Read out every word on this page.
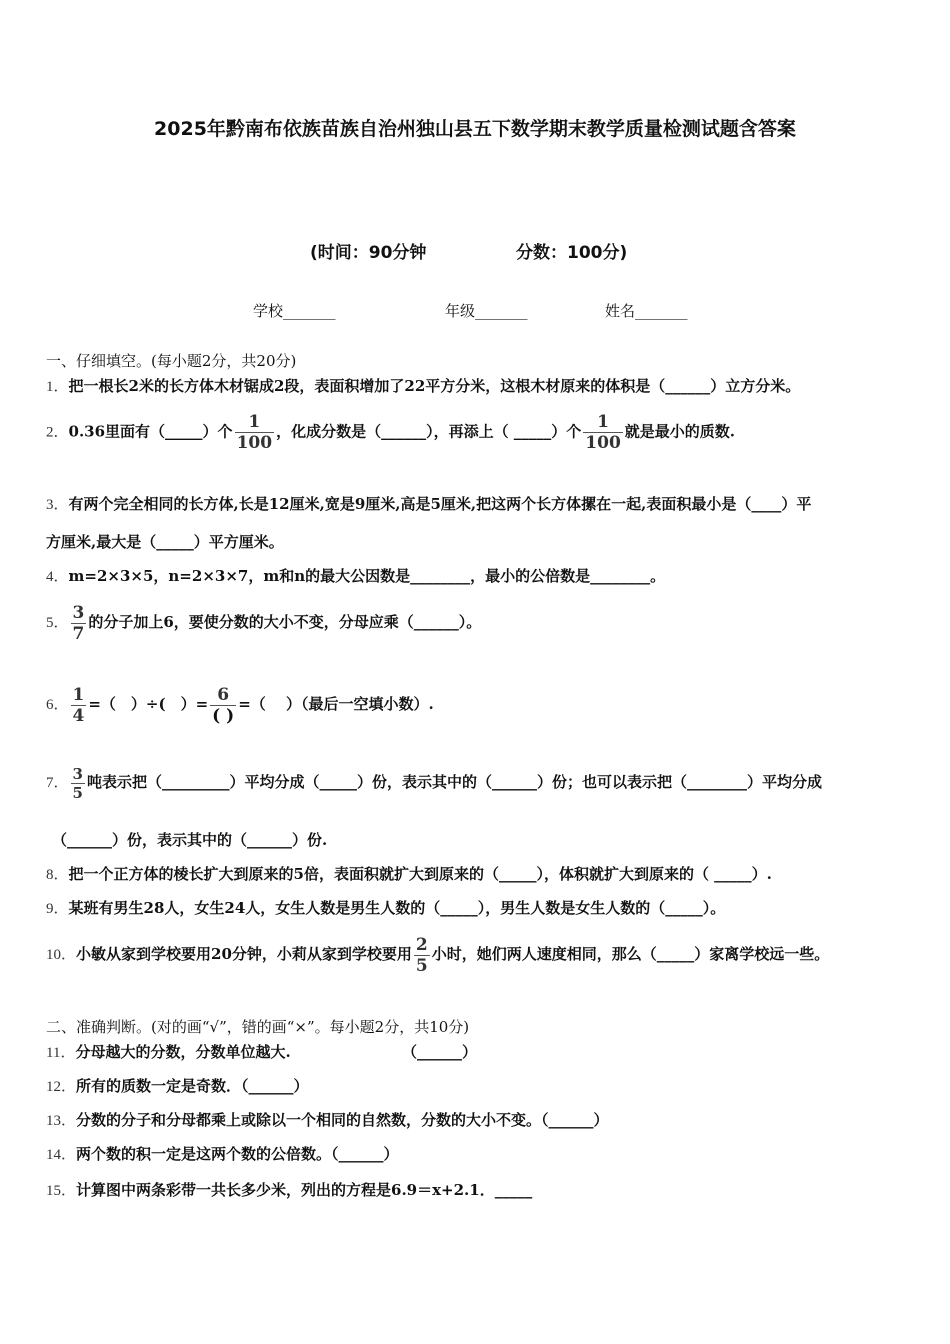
2025年黔南布依族苗族自治州独山县五下数学期末教学质量检测试题含答案
(时间：90分钟	分数：100分)
学校_______	年级_______	姓名_______
一、仔细填空。(每小题2分，共20分)
1．把一根长2米的长方体木材锯成2段，表面积增加了22平方分米，这根木材原来的体积是（______）立方分米。
2．0.36里面有（_____）个 $\frac{1}{100}$ ，化成分数是（______），再添上（ _____）个 $\frac{1}{100}$ 就是最小的质数.
3．有两个完全相同的长方体,长是12厘米,宽是9厘米,高是5厘米,把这两个长方体摞在一起,表面积最小是（____）平
方厘米,最大是（_____）平方厘米。
4．m=2×3×5，n=2×3×7，m和n的最大公因数是________，最小的公倍数是________。
5． $\frac{3}{7}$ 的分子加上6，要使分数的大小不变，分母应乘（______）。
6． $\frac{1}{4}$ =（　）÷(　）= $\frac{6}{( )}$ =（　 ）（最后一空填小数）.
7． $\frac{3}{5}$ 吨表示把（_________）平均分成（_____）份，表示其中的（______）份；也可以表示把（________）平均分成
（______）份，表示其中的（______）份.
8．把一个正方体的棱长扩大到原来的5倍，表面积就扩大到原来的（_____），体积就扩大到原来的（ _____）.
9．某班有男生28人，女生24人，女生人数是男生人数的（_____），男生人数是女生人数的（_____）。
10．小敏从家到学校要用20分钟，小莉从家到学校要用 $\frac{2}{5}$ 小时，她们两人速度相同，那么（_____）家离学校远一些。
二、准确判断。(对的画“√”，错的画“×”。每小题2分，共10分)
11．分母越大的分数，分数单位越大.	（______）
12．所有的质数一定是奇数．（______）
13．分数的分子和分母都乘上或除以一个相同的自然数，分数的大小不变。（______）
14．两个数的积一定是这两个数的公倍数。（______）
15．计算图中两条彩带一共长多少米，列出的方程是6.9＝x+2.1．_____
